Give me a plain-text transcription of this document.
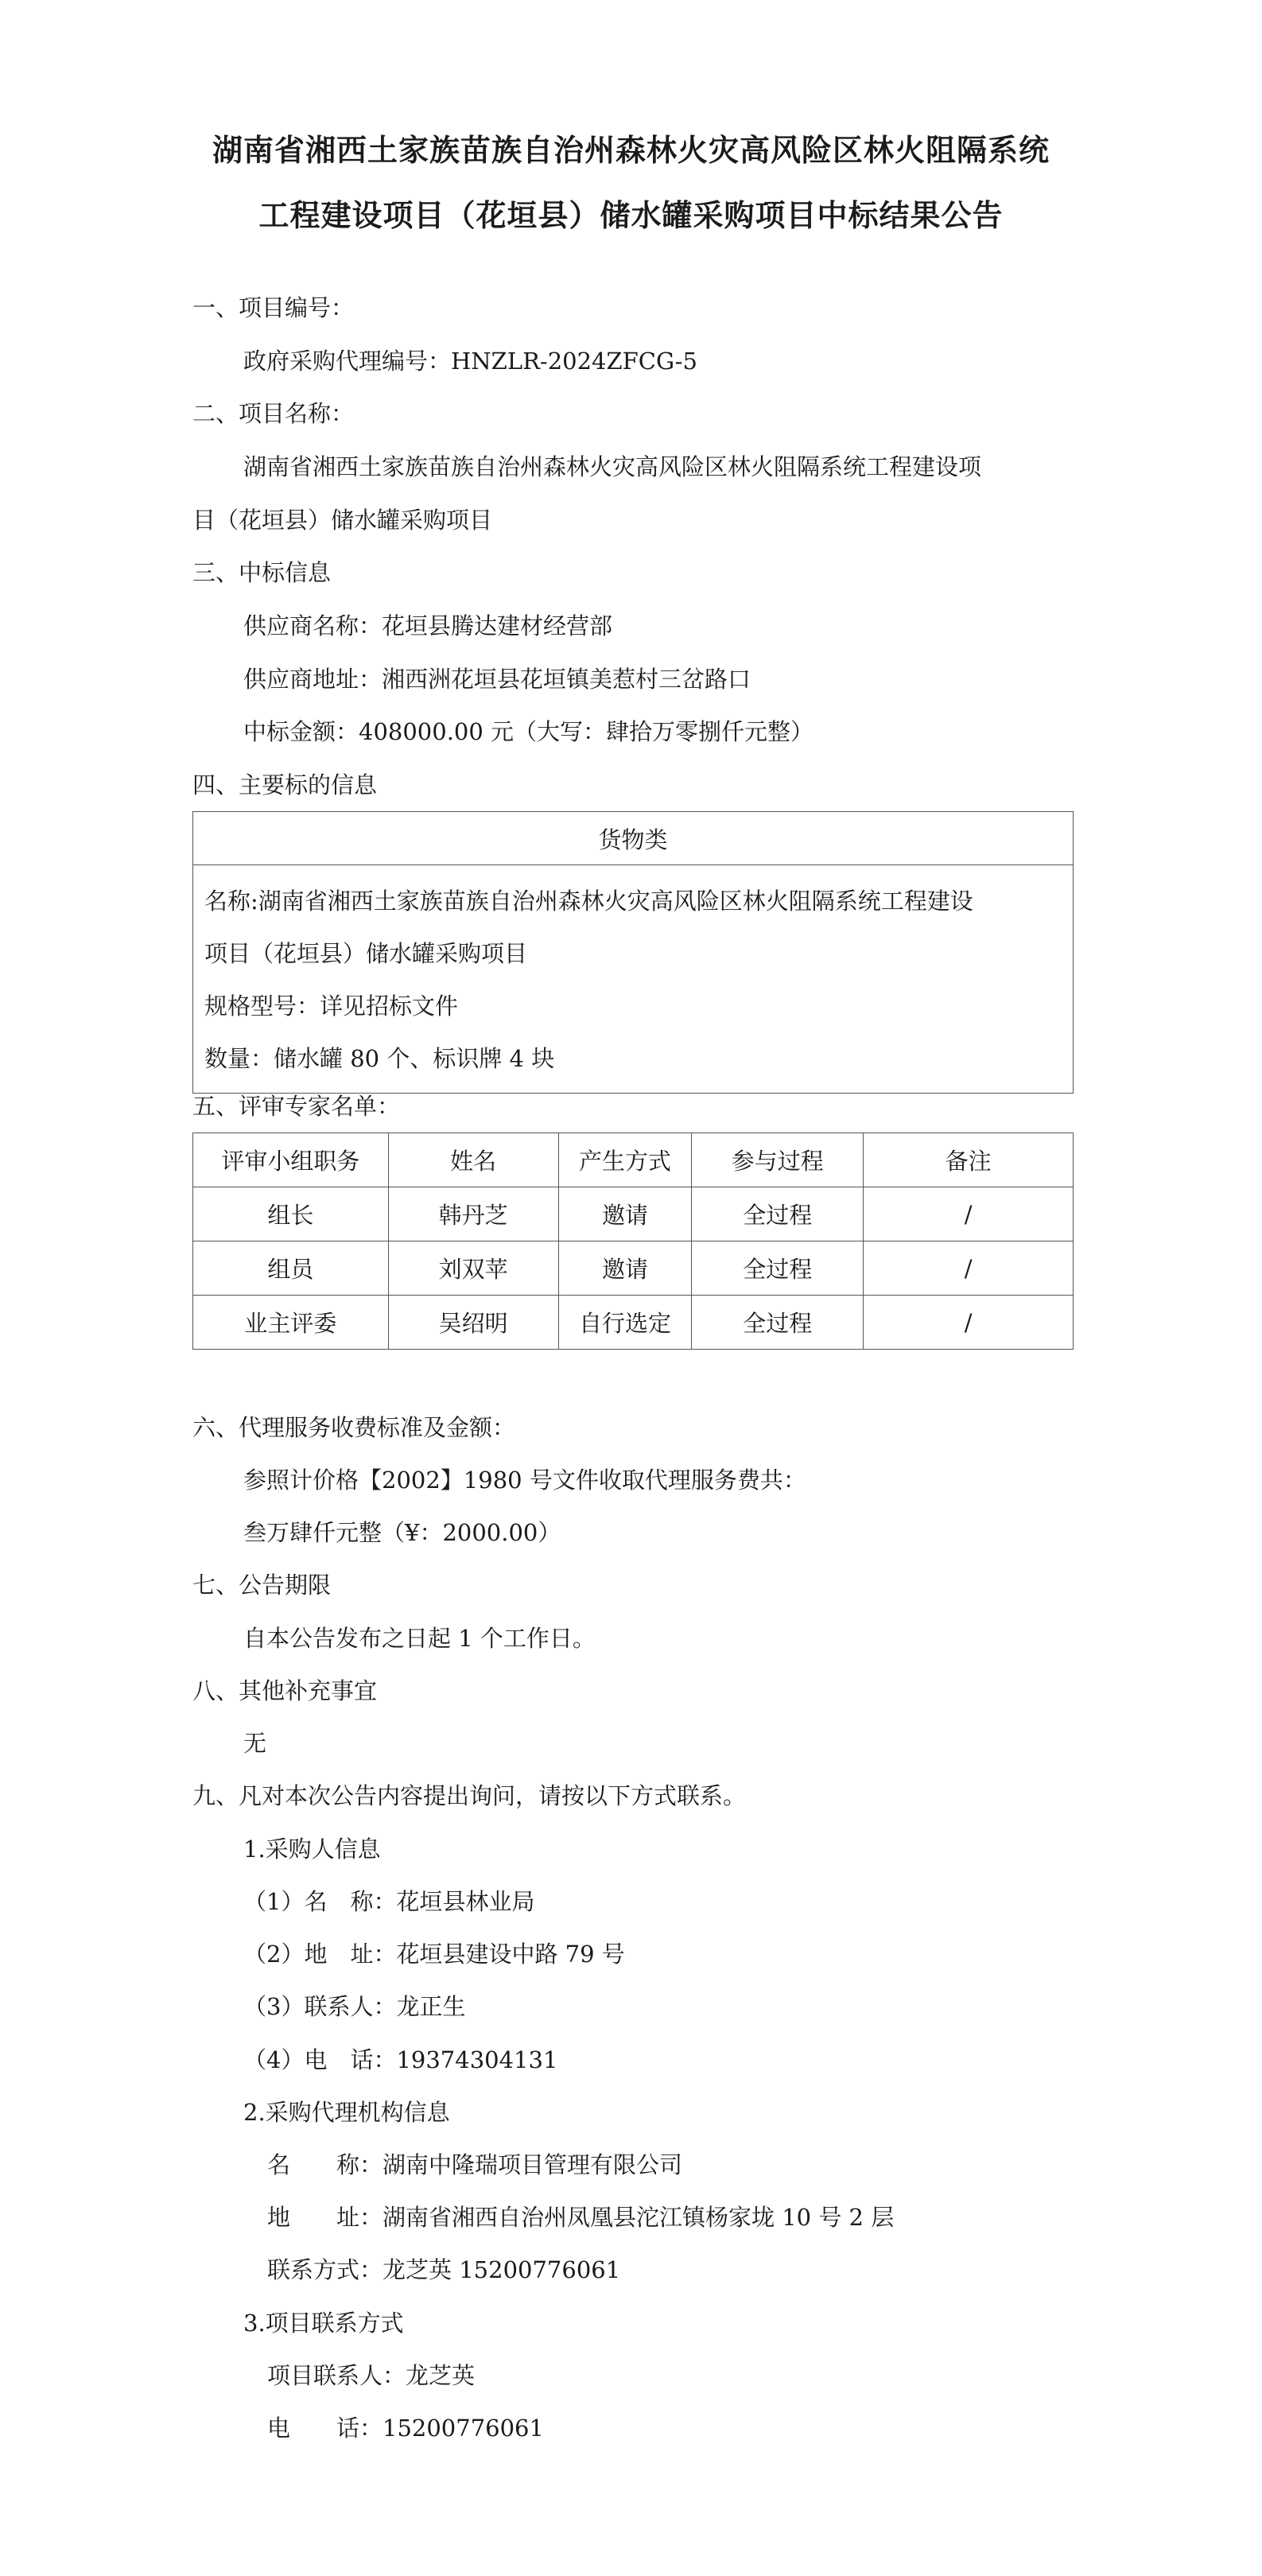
湖南省湘西土家族苗族自治州森林火灾高风险区林火阻隔系统
工程建设项目（花垣县）储水罐采购项目中标结果公告
一、项目编号：
政府采购代理编号：HNZLR-2024ZFCG-5
二、项目名称：
湖南省湘西土家族苗族自治州森林火灾高风险区林火阻隔系统工程建设项
目（花垣县）储水罐采购项目
三、中标信息
供应商名称：花垣县腾达建材经营部
供应商地址：湘西洲花垣县花垣镇美惹村三岔路口
中标金额：408000.00 元（大写：肆拾万零捌仟元整）
四、主要标的信息
货物类

名称:湖南省湘西土家族苗族自治州森林火灾高风险区林火阻隔系统工程建设
项目（花垣县）储水罐采购项目
规格型号：详见招标文件
数量：储水罐 80 个、标识牌 4 块
五、评审专家名单：
评审小组职务	姓名	产生方式	参与过程	备注
组长	韩丹芝	邀请	全过程	/
组员	刘双苹	邀请	全过程	/
业主评委	吴绍明	自行选定	全过程	/
六、代理服务收费标准及金额：
参照计价格【2002】1980 号文件收取代理服务费共：
叁万肆仟元整（¥：2000.00）
七、公告期限
自本公告发布之日起 1 个工作日。
八、其他补充事宜
无
九、凡对本次公告内容提出询问，请按以下方式联系。
1.采购人信息
（1）名　称：花垣县林业局
（2）地　址：花垣县建设中路 79 号
（3）联系人：龙正生
（4）电　话：19374304131
2.采购代理机构信息
名　　称：湖南中隆瑞项目管理有限公司
地　　址：湖南省湘西自治州凤凰县沱江镇杨家垅 10 号 2 层
联系方式：龙芝英 15200776061
3.项目联系方式
项目联系人：龙芝英
电　　话：15200776061
